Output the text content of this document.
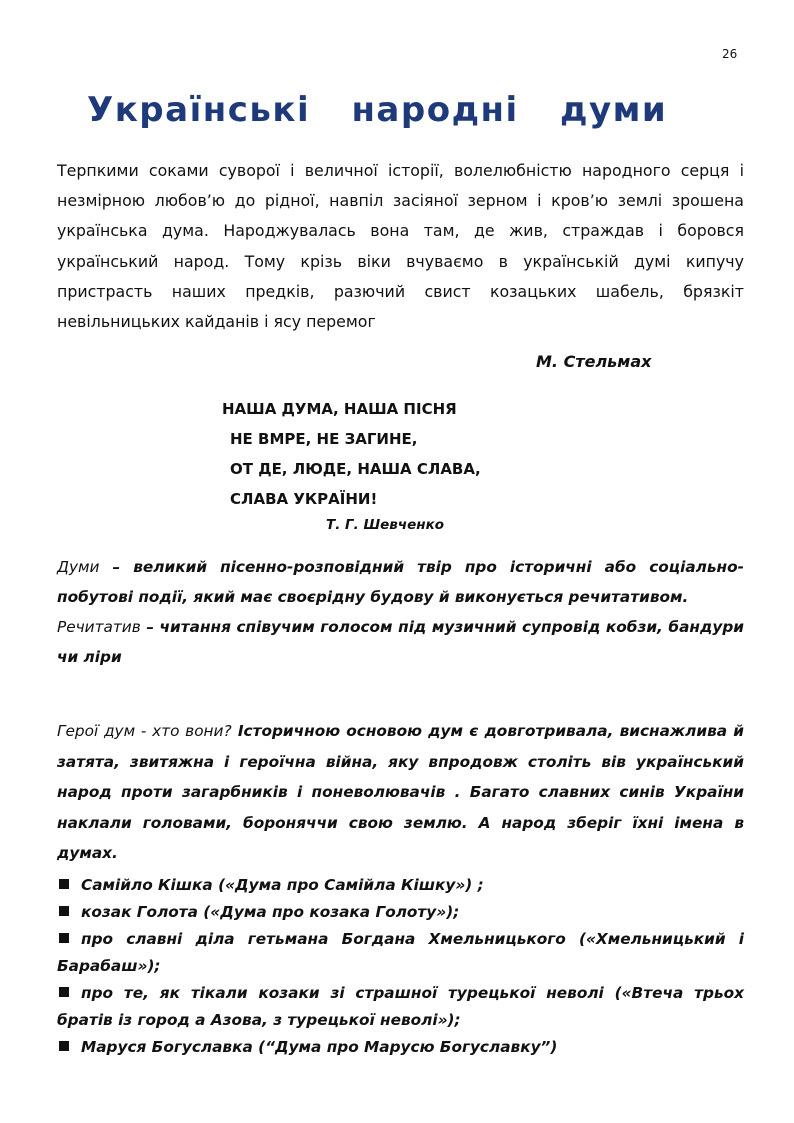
26
Українські народні думи

Терпкими соками суворої і величної історії, волелюбністю народного серця і незмірною любов’ю до рідної, навпіл засіяної зерном і кров’ю землі зрошена українська дума. Народжувалась вона там, де жив, страждав і боровся український народ. Тому крізь віки вчуваємо в українській думі кипучу пристрасть наших предків, разючий свист козацьких шабель, брязкіт невільницьких кайданів і ясу перемог

М. Стельмах

НАША ДУМА, НАША ПІСНЯ
НЕ ВМРЕ, НЕ ЗАГИНЕ,
ОТ ДЕ, ЛЮДЕ, НАША СЛАВА,
СЛАВА УКРАЇНИ!

Т. Г. Шевченко

Думи – великий пісенно-розповідний твір про історичні або соціально-побутові події, який має своєрідну будову й виконується речитативом.
Речитатив – читання співучим голосом під музичний супровід кобзи, бандури чи ліри

Герої дум - хто вони? Історичною основою дум є довготривала, виснажлива й затята, звитяжна і героїчна війна, яку впродовж століть вів український народ проти загарбників і поневолювачів . Багато славних синів України наклали головами, бороняччи свою землю. А народ зберіг їхні імена в думах.

Самійло Кішка («Дума про Самійла Кішку») ;
козак Голота («Дума про козака Голоту»);
про славні діла гетьмана Богдана Хмельницького («Хмельницький і Барабаш»);
про те, як тікали козаки зі страшної турецької неволі («Втеча трьох братів із город а Азова, з турецької неволі»);
Маруся Богуславка (“Дума про Марусю Богуславку”)
